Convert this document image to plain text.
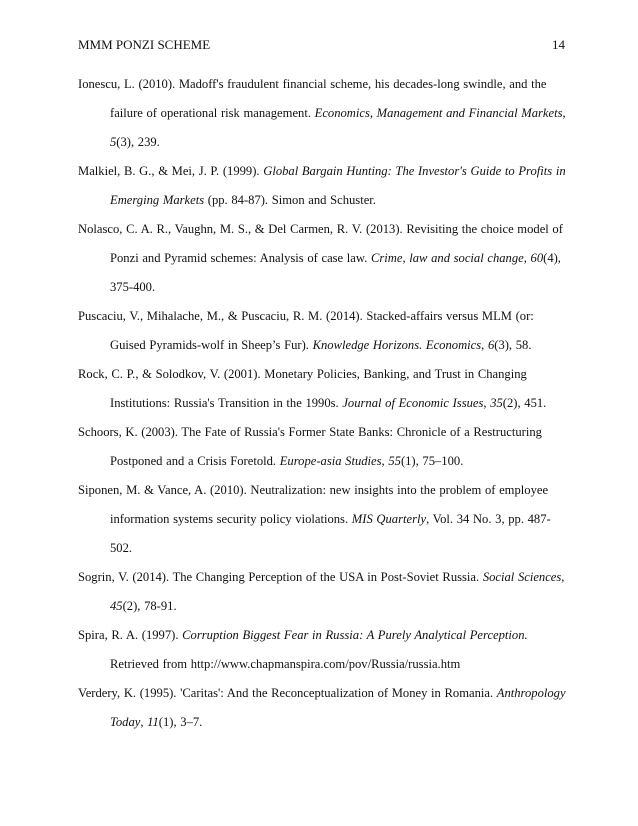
MMM PONZI SCHEME	14

Ionescu, L. (2010). Madoff's fraudulent financial scheme, his decades-long swindle, and the failure of operational risk management. Economics, Management and Financial Markets, 5(3), 239.

Malkiel, B. G., & Mei, J. P. (1999). Global Bargain Hunting: The Investor's Guide to Profits in Emerging Markets (pp. 84-87). Simon and Schuster.

Nolasco, C. A. R., Vaughn, M. S., & Del Carmen, R. V. (2013). Revisiting the choice model of Ponzi and Pyramid schemes: Analysis of case law. Crime, law and social change, 60(4), 375-400.

Puscaciu, V., Mihalache, M., & Puscaciu, R. M. (2014). Stacked-affairs versus MLM (or: Guised Pyramids-wolf in Sheep’s Fur). Knowledge Horizons. Economics, 6(3), 58.

Rock, C. P., & Solodkov, V. (2001). Monetary Policies, Banking, and Trust in Changing Institutions: Russia's Transition in the 1990s. Journal of Economic Issues, 35(2), 451.

Schoors, K. (2003). The Fate of Russia's Former State Banks: Chronicle of a Restructuring Postponed and a Crisis Foretold. Europe-asia Studies, 55(1), 75–100.

Siponen, M. & Vance, A. (2010). Neutralization: new insights into the problem of employee information systems security policy violations. MIS Quarterly, Vol. 34 No. 3, pp. 487-502.

Sogrin, V. (2014). The Changing Perception of the USA in Post-Soviet Russia. Social Sciences, 45(2), 78-91.

Spira, R. A. (1997). Corruption Biggest Fear in Russia: A Purely Analytical Perception. Retrieved from http://www.chapmanspira.com/pov/Russia/russia.htm

Verdery, K. (1995). 'Caritas': And the Reconceptualization of Money in Romania. Anthropology Today, 11(1), 3–7.
